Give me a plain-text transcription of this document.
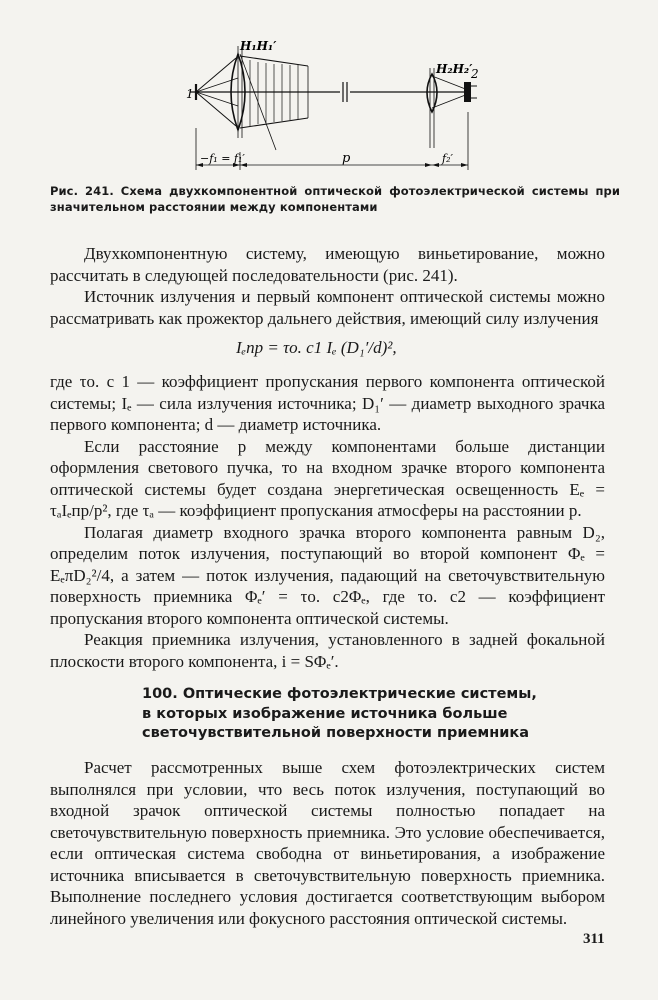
H₁H₁′
H₂H₂′
1
2
−f₁ = f₁′	p	f₂′
Рис. 241. Схема двухкомпонентной оптической фотоэлектрической системы при значительном расстоянии между компонентами

Двухкомпонентную систему, имеющую виньетирование, можно рассчитать в следующей последовательности (рис. 241).

Источник излучения и первый компонент оптической системы можно рассматривать как прожектор дальнего действия, имеющий силу излучения

Iₑпр = τо. с1 Iₑ (D₁′/d)²,

где τо. с 1 — коэффициент пропускания первого компонента оптической системы; Iₑ — сила излучения источника; D₁′ — диаметр выходного зрачка первого компонента; d — диаметр источника.

Если расстояние p между компонентами больше дистанции оформления светового пучка, то на входном зрачке второго компонента оптической системы будет создана энергетическая освещенность Eₑ = τₐIₑпр/p², где τₐ — коэффициент пропускания атмосферы на расстоянии p.

Полагая диаметр входного зрачка второго компонента равным D₂, определим поток излучения, поступающий во второй компонент Φₑ = EₑπD₂²/4, а затем — поток излучения, падающий на светочувствительную поверхность приемника Φₑ′ = τо. с2Φₑ, где τо. с2 — коэффициент пропускания второго компонента оптической системы.

Реакция приемника излучения, установленного в задней фокальной плоскости второго компонента, i = SΦₑ′.

100. Оптические фотоэлектрические системы,
в которых изображение источника больше
светочувствительной поверхности приемника

Расчет рассмотренных выше схем фотоэлектрических систем выполнялся при условии, что весь поток излучения, поступающий во входной зрачок оптической системы полностью попадает на светочувствительную поверхность приемника. Это условие обеспечивается, если оптическая система свободна от виньетирования, а изображение источника вписывается в светочувствительную поверхность приемника. Выполнение последнего условия достигается соответствующим выбором линейного увеличения или фокусного расстояния оптической системы.

311
